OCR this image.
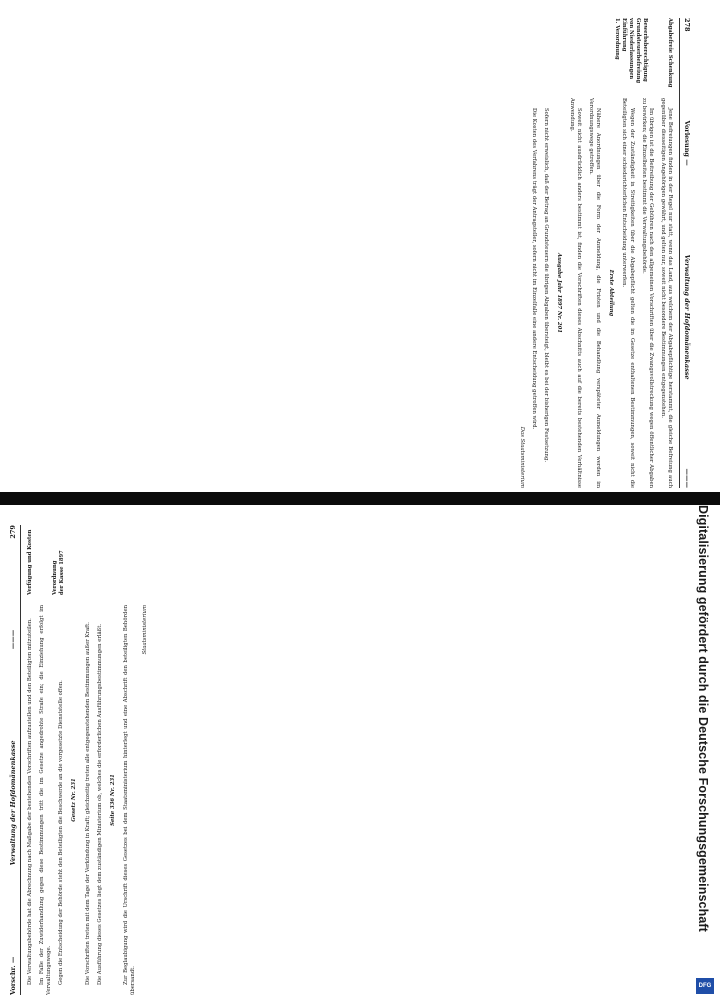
278
Vorlesung —
Verwaltung der Hofdomänenkasse
———
Abgabefreie Schenkung
Bewerbsberechtigung
Grundsteuerbefreiung
von Niederlassungen
Einführung
1. Verordnung

Jene Befreiungen finden in der Regel nur statt, wenn das Land, aus welchem der Abgabepflichtige herstammt, die gleiche Befreiung auch gegenüber diesseitigen Angehörigen gewährt, und gelten nur, soweit nicht besondere Bestimmungen entgegenstehen.

Im übrigen ist die Beitreibung der Gebühren nach den allgemeinen Vorschriften über die Zwangsvollstreckung wegen öffentlicher Abgaben zu bewirken; die Einzelheiten bestimmt die Verwaltungsbehörde.

Wegen der Zuständigkeit in Streitigkeiten über die Abgabepflicht gelten die im Gesetze enthaltenen Bestimmungen, soweit nicht die Beteiligten sich einer schiedsrichterlichen Entscheidung unterwerfen.

Erste Abteilung

Nähere Anordnungen über die Form der Anmeldung, die Fristen und die Behandlung verspäteter Anmeldungen werden im Verordnungswege getroffen.

Soweit nicht ausdrücklich anders bestimmt ist, finden die Vorschriften dieses Abschnitts auch auf die bereits bestehenden Verhältnisse Anwendung.

Ausgabe Jahr 1897 Nr. 201

Sofern nicht erweislich, daß der Betrag an Grundsteuern die übrigen Abgaben übersteigt, bleibt es bei der bisherigen Festsetzung.

Die Kosten des Verfahrens trägt der Antragsteller, sofern nicht im Einzelfalle eine andere Entscheidung getroffen wird.

Das Staatsministerium
Vorschr. —
Verwaltung der Hofdomänenkasse
———
279

Die Verwaltungsbehörde hat die Abrechnung nach Maßgabe der bestehenden Vorschriften aufzustellen und den Beteiligten mitzuteilen. Im Falle der Zuwiderhandlung gegen diese Bestimmungen tritt die im Gesetze angedrohte Strafe ein; die Einziehung erfolgt im Verwaltungswege. Gegen die Entscheidung der Behörde steht den Beteiligten die Beschwerde an die vorgesetzte Dienststelle offen. Gesetz Nr. 231 Die Vorschriften treten mit dem Tage der Verkündung in Kraft; gleichzeitig treten alle entgegenstehenden Bestimmungen außer Kraft. Die Ausführung dieses Gesetzes liegt dem zuständigen Ministerium ob, welches die erforderlichen Ausführungsbestimmungen erläßt. Seite 336 Nr. 231 Zur Beglaubigung wird die Urschrift dieses Gesetzes bei dem Staatsministerium hinterlegt und eine Abschrift den beteiligten Behörden übersandt.

Staatsministerium
Verfügung und Kosten	Verordnung der Kasse 1897	Digitalisierung gefördert durch die Deutsche Forschungsgemeinschaft
DFG
